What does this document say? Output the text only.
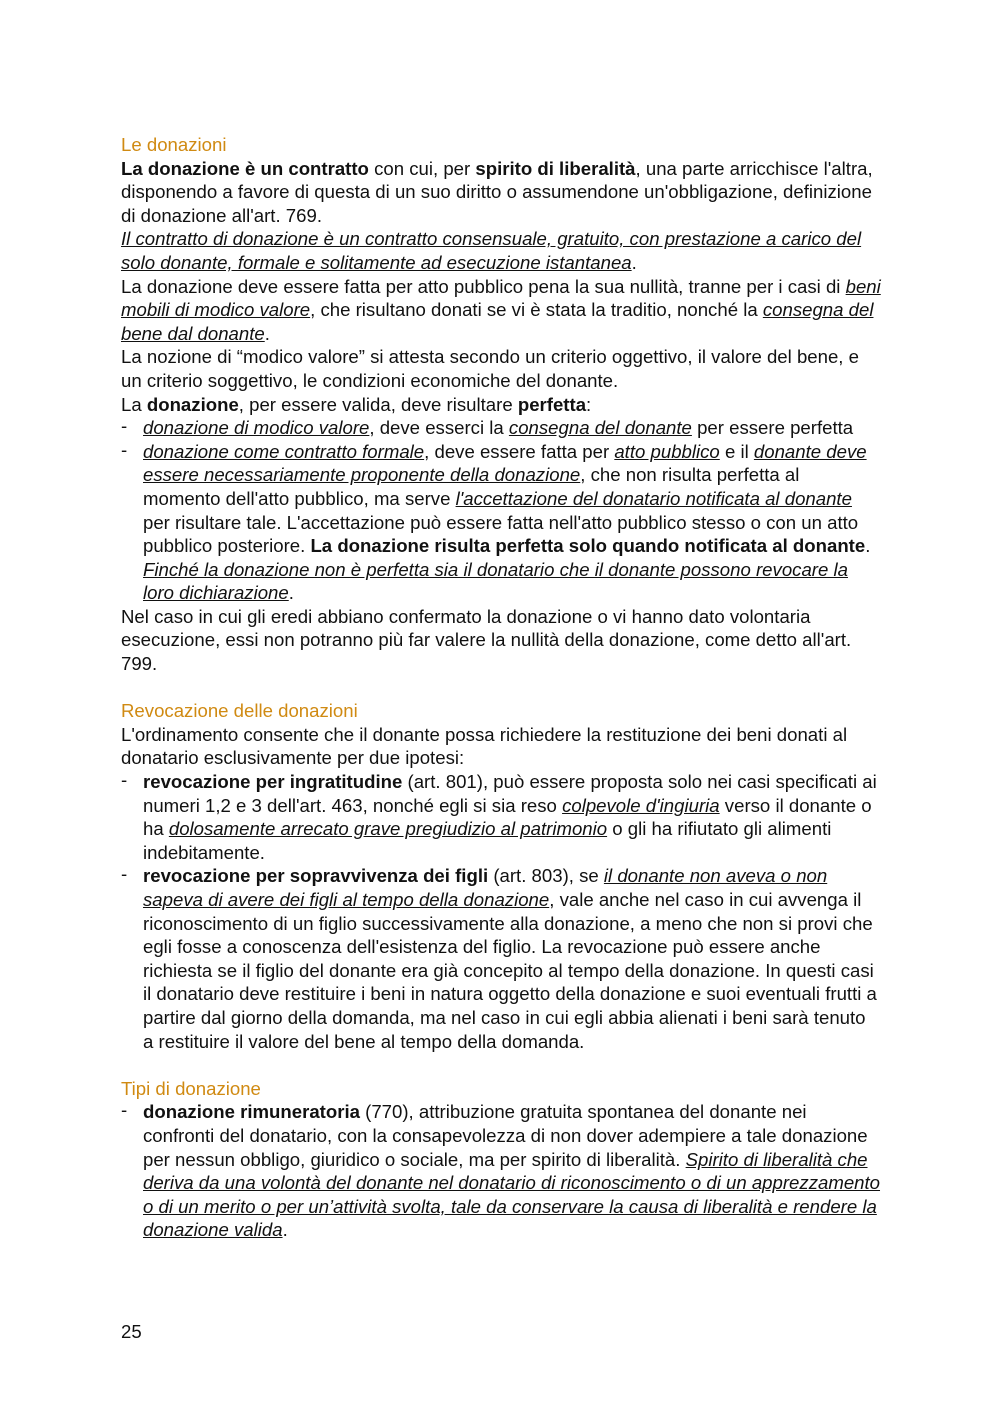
Le donazioni
La donazione è un contratto con cui, per spirito di liberalità, una parte arricchisce l'altra, disponendo a favore di questa di un suo diritto o assumendone un'obbligazione, definizione di donazione all'art. 769.
Il contratto di donazione è un contratto consensuale, gratuito, con prestazione a carico del solo donante, formale e solitamente ad esecuzione istantanea.
La donazione deve essere fatta per atto pubblico pena la sua nullità, tranne per i casi di beni mobili di modico valore, che risultano donati se vi è stata la traditio, nonché la consegna del bene dal donante.
La nozione di “modico valore” si attesta secondo un criterio oggettivo, il valore del bene, e un criterio soggettivo, le condizioni economiche del donante.
La donazione, per essere valida, deve risultare perfetta:
- donazione di modico valore, deve esserci la consegna del donante per essere perfetta
- donazione come contratto formale, deve essere fatta per atto pubblico e il donante deve essere necessariamente proponente della donazione, che non risulta perfetta al momento dell'atto pubblico, ma serve l'accettazione del donatario notificata al donante per risultare tale. L'accettazione può essere fatta nell'atto pubblico stesso o con un atto pubblico posteriore. La donazione risulta perfetta solo quando notificata al donante. Finché la donazione non è perfetta sia il donatario che il donante possono revocare la loro dichiarazione.
Nel caso in cui gli eredi abbiano confermato la donazione o vi hanno dato volontaria esecuzione, essi non potranno più far valere la nullità della donazione, come detto all'art. 799.
Revocazione delle donazioni
L'ordinamento consente che il donante possa richiedere la restituzione dei beni donati al donatario esclusivamente per due ipotesi:
- revocazione per ingratitudine (art. 801), può essere proposta solo nei casi specificati ai numeri 1,2 e 3 dell'art. 463, nonché egli si sia reso colpevole d'ingiuria verso il donante o ha dolosamente arrecato grave pregiudizio al patrimonio o gli ha rifiutato gli alimenti indebitamente.
- revocazione per sopravvivenza dei figli (art. 803), se il donante non aveva o non sapeva di avere dei figli al tempo della donazione, vale anche nel caso in cui avvenga il riconoscimento di un figlio successivamente alla donazione, a meno che non si provi che egli fosse a conoscenza dell'esistenza del figlio. La revocazione può essere anche richiesta se il figlio del donante era già concepito al tempo della donazione. In questi casi il donatario deve restituire i beni in natura oggetto della donazione e suoi eventuali frutti a partire dal giorno della domanda, ma nel caso in cui egli abbia alienati i beni sarà tenuto a restituire il valore del bene al tempo della domanda.
Tipi di donazione
- donazione rimuneratoria (770), attribuzione gratuita spontanea del donante nei confronti del donatario, con la consapevolezza di non dover adempiere a tale donazione per nessun obbligo, giuridico o sociale, ma per spirito di liberalità. Spirito di liberalità che deriva da una volontà del donante nel donatario di riconoscimento o di un apprezzamento o di un merito o per un’attività svolta, tale da conservare la causa di liberalità e rendere la donazione valida.
25
